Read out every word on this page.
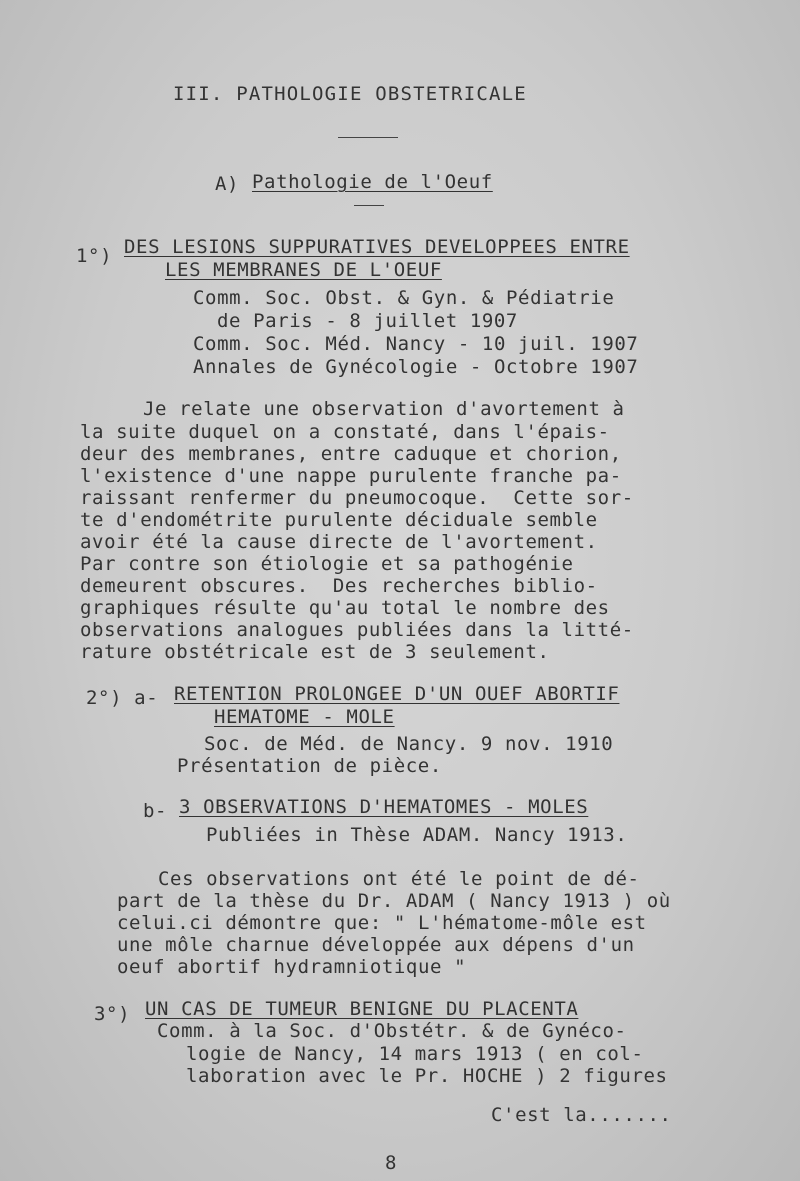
III. PATHOLOGIE OBSTETRICALE
A) Pathologie de l'Oeuf
1°) DES LESIONS SUPPURATIVES DEVELOPPEES ENTRE
LES MEMBRANES DE L'OEUF
Comm. Soc. Obst. & Gyn. & Pédiatrie
de Paris - 8 juillet 1907
Comm. Soc. Méd. Nancy - 10 juil. 1907
Annales de Gynécologie - Octobre 1907
Je relate une observation d'avortement à
la suite duquel on a constaté, dans l'épais-
deur des membranes, entre caduque et chorion,
l'existence d'une nappe purulente franche pa-
raissant renfermer du pneumocoque.  Cette sor-
te d'endométrite purulente déciduale semble
avoir été la cause directe de l'avortement.
Par contre son étiologie et sa pathogénie
demeurent obscures.  Des recherches biblio-
graphiques résulte qu'au total le nombre des
observations analogues publiées dans la litté-
rature obstétricale est de 3 seulement.
2°) a- RETENTION PROLONGEE D'UN OUEF ABORTIF
HEMATOME - MOLE
Soc. de Méd. de Nancy. 9 nov. 1910
Présentation de pièce.
b- 3 OBSERVATIONS D'HEMATOMES - MOLES
Publiées in Thèse ADAM. Nancy 1913.
Ces observations ont été le point de dé-
part de la thèse du Dr. ADAM ( Nancy 1913 ) où
celui.ci démontre que: " L'hématome-môle est
une môle charnue développée aux dépens d'un
oeuf abortif hydramniotique "
3°) UN CAS DE TUMEUR BENIGNE DU PLACENTA
Comm. à la Soc. d'Obstétr. & de Gynéco-
logie de Nancy, 14 mars 1913 ( en col-
laboration avec le Pr. HOCHE ) 2 figures
C'est la.......
8
